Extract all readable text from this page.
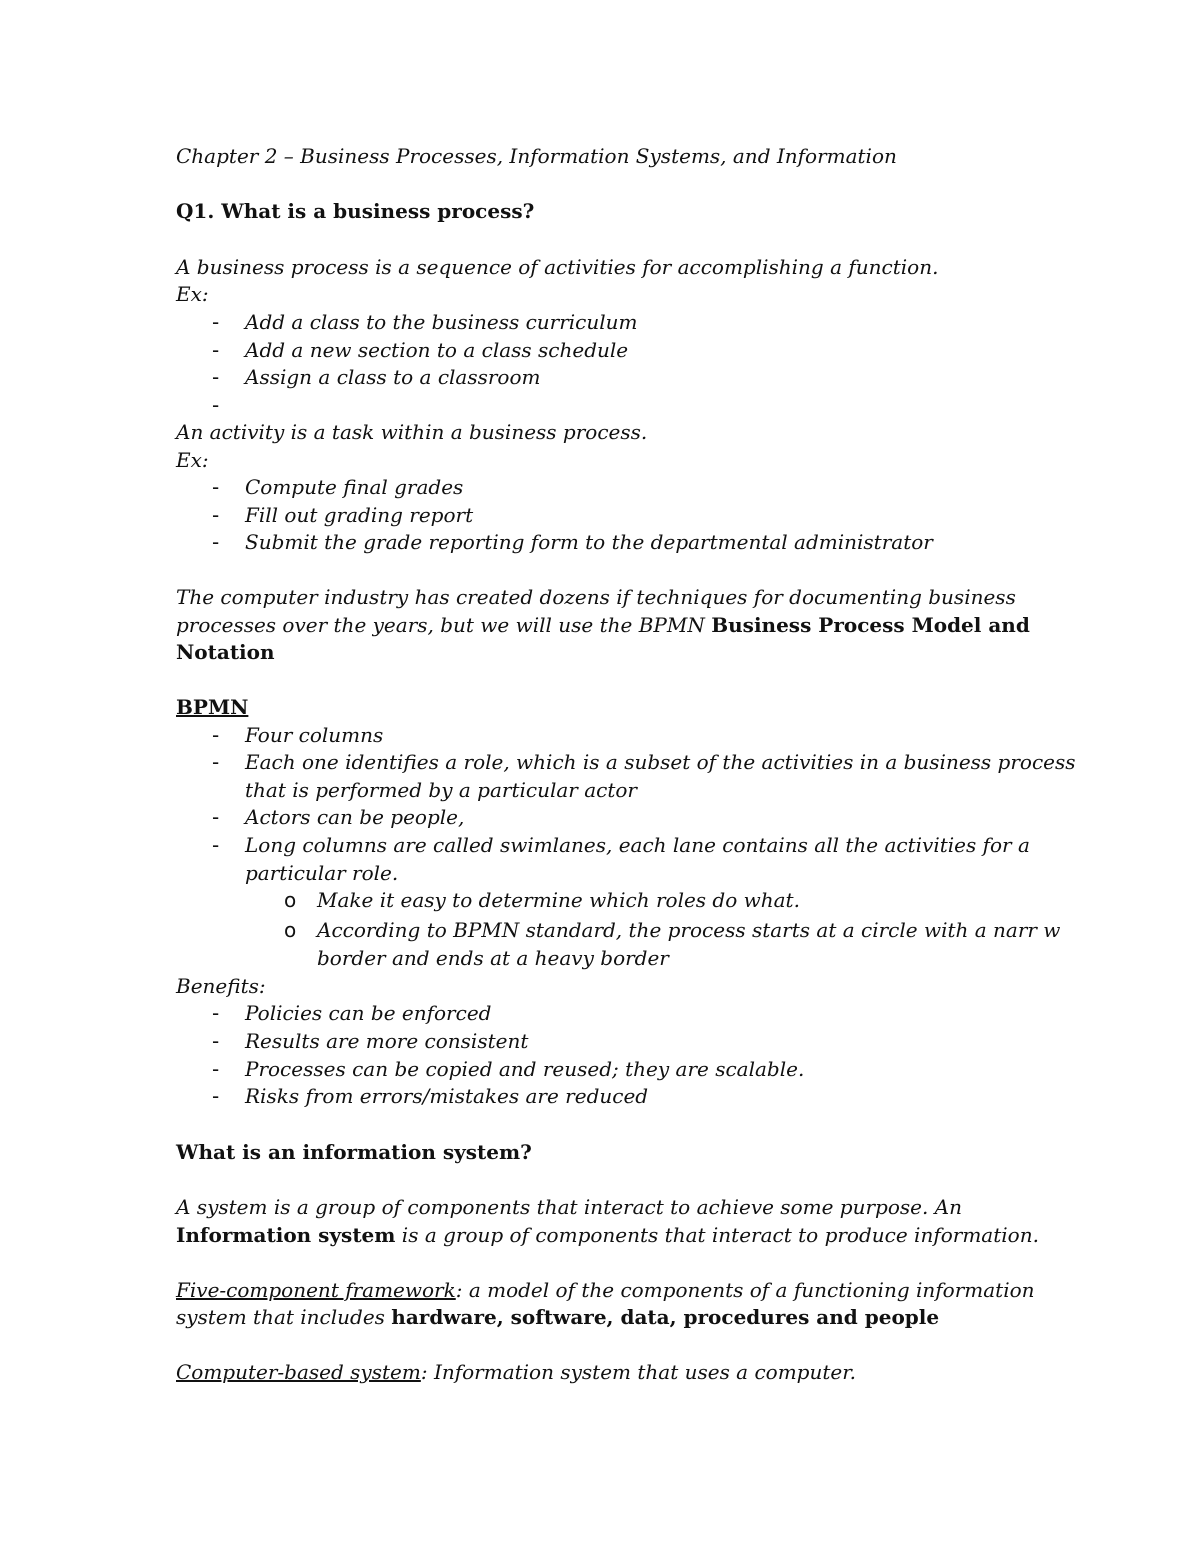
Chapter 2 – Business Processes, Information Systems, and Information
Q1. What is a business process?
A business process is a sequence of activities for accomplishing a function.
Ex:
-	Add a class to the business curriculum
-	Add a new section to a class schedule
-	Assign a class to a classroom
-
An activity is a task within a business process.
Ex:
-	Compute final grades
-	Fill out grading report
-	Submit the grade reporting form to the departmental administrator
The computer industry has created dozens if techniques for documenting business
processes over the years, but we will use the BPMN Business Process Model and
Notation
BPMN
-	Four columns
-	Each one identifies a role, which is a subset of the activities in a business process
that is performed by a particular actor
-	Actors can be people,
-	Long columns are called swimlanes, each lane contains all the activities for a
particular role.
o Make it easy to determine which roles do what.
o According to BPMN standard, the process starts at a circle with a narr w
border and ends at a heavy border
Benefits:
-	Policies can be enforced
-	Results are more consistent
-	Processes can be copied and reused; they are scalable.
-	Risks from errors/mistakes are reduced
What is an information system?
A system is a group of components that interact to achieve some purpose. An
Information system is a group of components that interact to produce information.
Five-component framework: a model of the components of a functioning information
system that includes hardware, software, data, procedures and people
Computer-based system: Information system that uses a computer.
